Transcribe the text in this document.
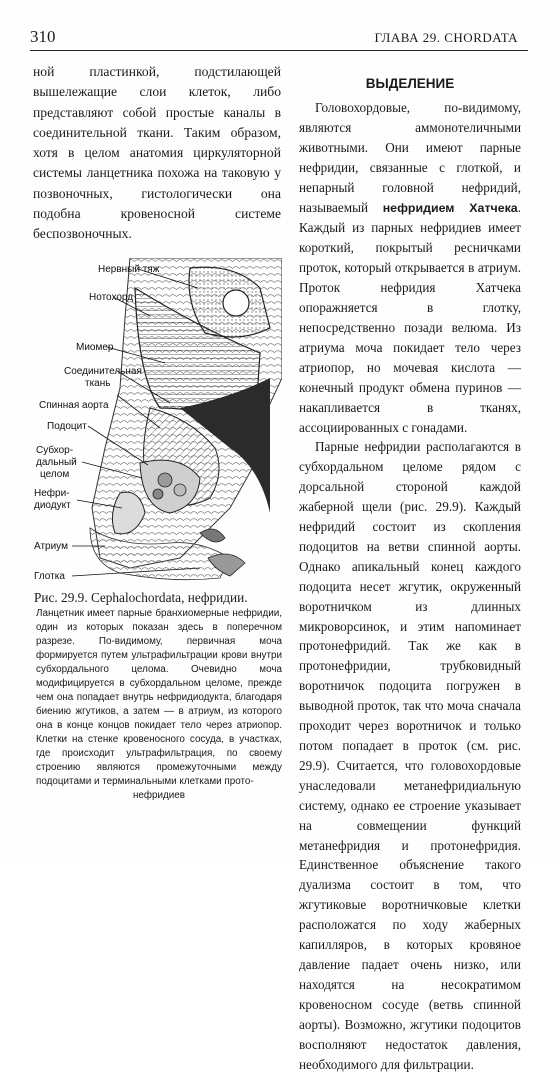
310	ГЛАВА 29. CHORDATA

ной пластинкой, подстилающей вышележащие слои клеток, либо представляют собой простые каналы в соединительной ткани. Таким образом, хотя в целом анатомия циркуляторной системы ланцетника похожа на таковую у позвоночных, гистологически она подобна кровеносной системе беспозвоночных.

Нервный тяж
Нотохорд
Миомер
Соединительная
ткань
Спинная аорта
Подоцит
Субхор-
дальный
целом
Нефри-
диодукт
Атриум
Глотка
Рис. 29.9. Cephalochordata, нефридии.

Ланцетник имеет парные бранхиомерные нефридии, один из которых показан здесь в поперечном разрезе. По-видимому, первичная моча формируется путем ультрафильтрации крови внутри субхордального целома. Очевидно моча модифицируется в субхордальном целоме, прежде чем она попадает внутрь нефридиодукта, благодаря биению жгутиков, а затем — в атриум, из которого она в конце концов покидает тело через атриопор. Клетки на стенке кровеносного сосуда, в участках, где происходит ультрафильтрация, по своему строению являются промежуточными между подоцитами и терминальными клетками прото-

нефридиев

ВЫДЕЛЕНИЕ

Головохордовые, по-видимому, являются аммонотеличными животными. Они имеют парные нефридии, связанные с глоткой, и непарный головной нефридий, называемый нефридием Хатчека. Каждый из парных нефридиев имеет короткий, покрытый ресничками проток, который открывается в атриум. Проток нефридия Хатчека опоражняется в глотку, непосредственно позади велюма. Из атриума моча покидает тело через атриопор, но мочевая кислота — конечный продукт обмена пуринов — накапливается в тканях, ассоциированных с гонадами.

Парные нефридии располагаются в субхордальном целоме рядом с дорсальной стороной каждой жаберной щели (рис. 29.9). Каждый нефридий состоит из скопления подоцитов на ветви спинной аорты. Однако апикальный конец каждого подоцита несет жгутик, окруженный воротничком из длинных микроворсинок, и этим напоминает протонефридий. Так же как в протонефридии, трубковидный воротничок подоцита погружен в выводной проток, так что моча сначала проходит через воротничок и только потом попадает в проток (см. рис. 29.9). Считается, что головохордовые унаследовали метанефридиальную систему, однако ее строение указывает на совмещении функций метанефридия и протонефридия. Единственное объяснение такого дуализма состоит в том, что жгутиковые воротничковые клетки расположатся по ходу жаберных капилляров, в которых кровяное давление падает очень низко, или находятся на несократимом кровеносном сосуде (ветвь спинной аорты). Возможно, жгутики подоцитов восполняют недостаток давления, необходимого для фильтрации.
